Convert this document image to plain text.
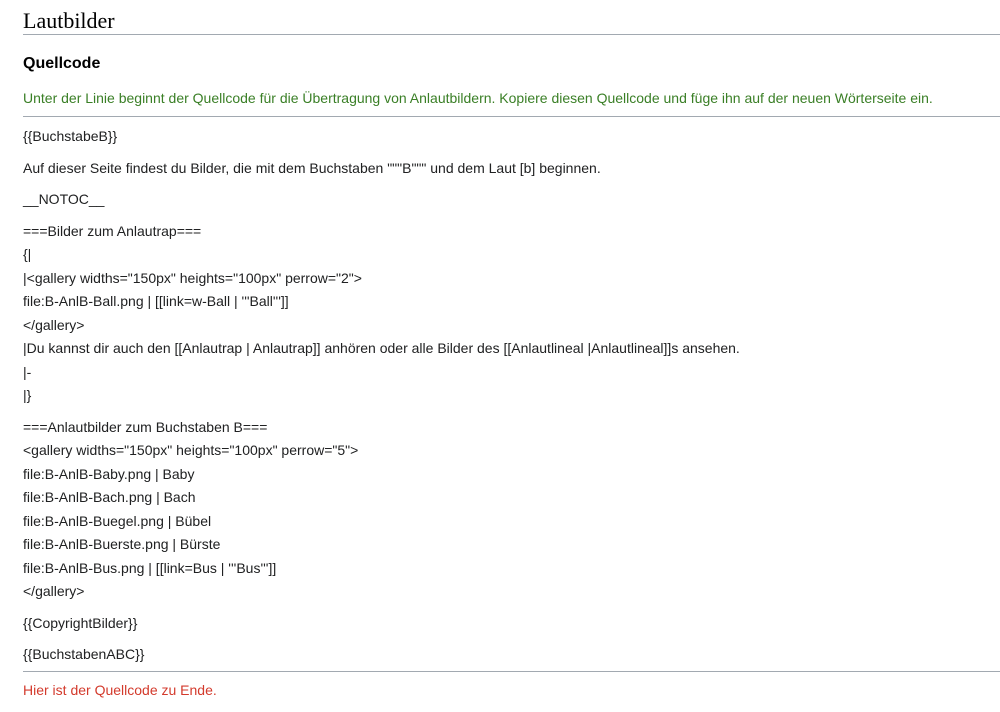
Lautbilder
Quellcode
Unter der Linie beginnt der Quellcode für die Übertragung von Anlautbildern. Kopiere diesen Quellcode und füge ihn auf der neuen Wörterseite ein.
{{BuchstabeB}}
Auf dieser Seite findest du Bilder, die mit dem Buchstaben """B""" und dem Laut [b] beginnen.
__NOTOC__
===Bilder zum Anlautrap===
{|
|<gallery widths="150px" heights="100px" perrow="2">
file:B-AnlB-Ball.png | [[link=w-Ball | '''Ball''']]
</gallery>
|Du kannst dir auch den [[Anlautrap | Anlautrap]] anhören oder alle Bilder des [[Anlautlineal |Anlautlineal]]s ansehen.
|-
|}
===Anlautbilder zum Buchstaben B===
<gallery widths="150px" heights="100px" perrow="5">
file:B-AnlB-Baby.png | Baby
file:B-AnlB-Bach.png | Bach
file:B-AnlB-Buegel.png | Bübel
file:B-AnlB-Buerste.png | Bürste
file:B-AnlB-Bus.png | [[link=Bus | '''Bus''']]
</gallery>
{{CopyrightBilder}}
{{BuchstabenABC}}
Hier ist der Quellcode zu Ende.
